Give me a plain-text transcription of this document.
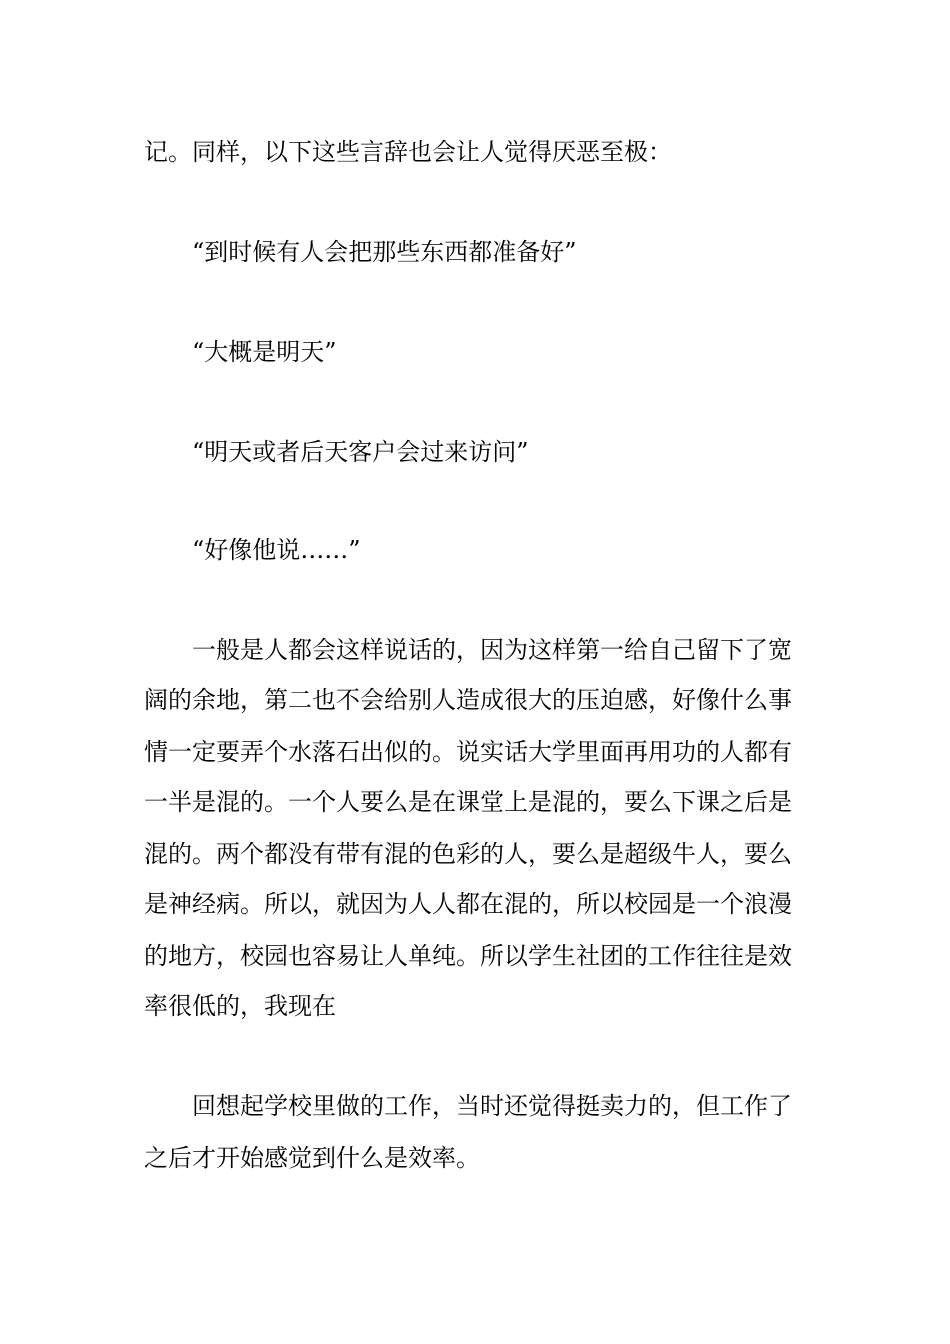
记。同样，以下这些言辞也会让人觉得厌恶至极：

“到时候有人会把那些东西都准备好”

“大概是明天”

“明天或者后天客户会过来访问”

“好像他说……”

一般是人都会这样说话的，因为这样第一给自己留下了宽

阔的余地，第二也不会给别人造成很大的压迫感，好像什么事

情一定要弄个水落石出似的。说实话大学里面再用功的人都有

一半是混的。一个人要么是在课堂上是混的，要么下课之后是

混的。两个都没有带有混的色彩的人，要么是超级牛人，要么

是神经病。所以，就因为人人都在混的，所以校园是一个浪漫

的地方，校园也容易让人单纯。所以学生社团的工作往往是效

率很低的，我现在

回想起学校里做的工作，当时还觉得挺卖力的，但工作了

之后才开始感觉到什么是效率。
